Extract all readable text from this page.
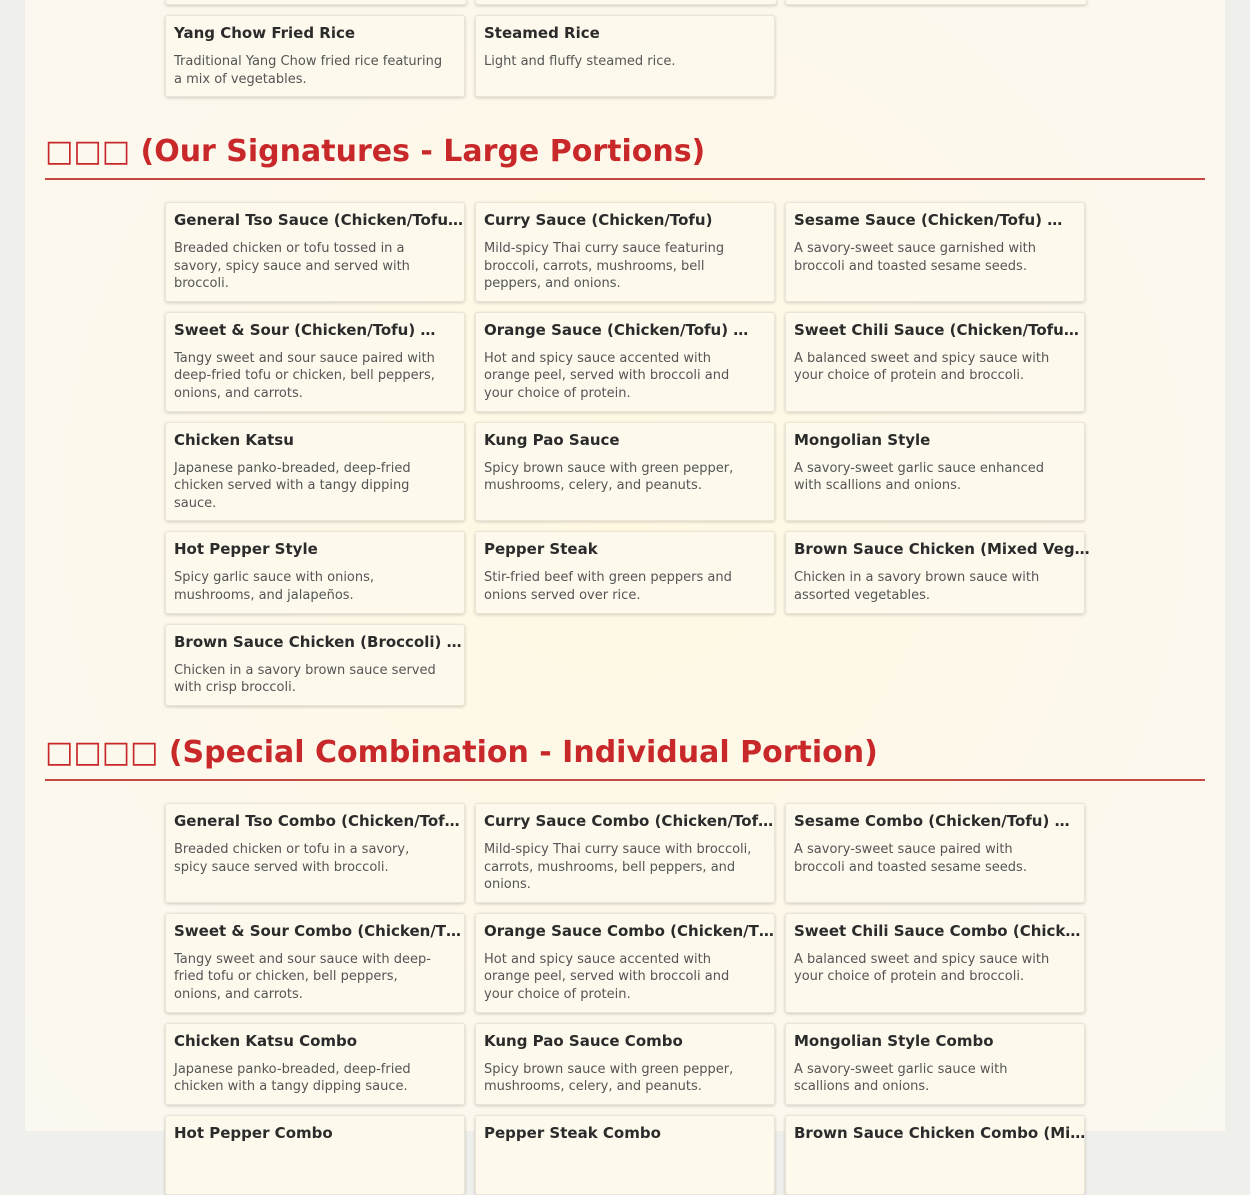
Yang Chow Fried Rice

Traditional Yang Chow fried rice featuring a mix of vegetables.

Steamed Rice

Light and fluffy steamed rice.

□□□ (Our Signatures - Large Portions)
General Tso Sauce (Chicken/Tofu…

Breaded chicken or tofu tossed in a savory, spicy sauce and served with broccoli.

Curry Sauce (Chicken/Tofu)

Mild-spicy Thai curry sauce featuring broccoli, carrots, mushrooms, bell peppers, and onions.

Sesame Sauce (Chicken/Tofu) …

A savory-sweet sauce garnished with broccoli and toasted sesame seeds.

Sweet & Sour (Chicken/Tofu) …

Tangy sweet and sour sauce paired with deep-fried tofu or chicken, bell peppers, onions, and carrots.

Orange Sauce (Chicken/Tofu) …

Hot and spicy sauce accented with orange peel, served with broccoli and your choice of protein.

Sweet Chili Sauce (Chicken/Tofu…

A balanced sweet and spicy sauce with your choice of protein and broccoli.

Chicken Katsu

Japanese panko-breaded, deep-fried chicken served with a tangy dipping sauce.

Kung Pao Sauce

Spicy brown sauce with green pepper, mushrooms, celery, and peanuts.

Mongolian Style

A savory-sweet garlic sauce enhanced with scallions and onions.

Hot Pepper Style

Spicy garlic sauce with onions, mushrooms, and jalapeños.

Pepper Steak

Stir-fried beef with green peppers and onions served over rice.

Brown Sauce Chicken (Mixed Veg…

Chicken in a savory brown sauce with assorted vegetables.

Brown Sauce Chicken (Broccoli) …

Chicken in a savory brown sauce served with crisp broccoli.

□□□□ (Special Combination - Individual Portion)
General Tso Combo (Chicken/Tof…

Breaded chicken or tofu in a savory, spicy sauce served with broccoli.

Curry Sauce Combo (Chicken/Tof…

Mild-spicy Thai curry sauce with broccoli, carrots, mushrooms, bell peppers, and onions.

Sesame Combo (Chicken/Tofu) …

A savory-sweet sauce paired with broccoli and toasted sesame seeds.

Sweet & Sour Combo (Chicken/T…

Tangy sweet and sour sauce with deep-fried tofu or chicken, bell peppers, onions, and carrots.

Orange Sauce Combo (Chicken/T…

Hot and spicy sauce accented with orange peel, served with broccoli and your choice of protein.

Sweet Chili Sauce Combo (Chick…

A balanced sweet and spicy sauce with your choice of protein and broccoli.

Chicken Katsu Combo

Japanese panko-breaded, deep-fried chicken with a tangy dipping sauce.

Kung Pao Sauce Combo

Spicy brown sauce with green pepper, mushrooms, celery, and peanuts.

Mongolian Style Combo

A savory-sweet garlic sauce with scallions and onions.

Hot Pepper Combo	Pepper Steak Combo	Brown Sauce Chicken Combo (Mi…
